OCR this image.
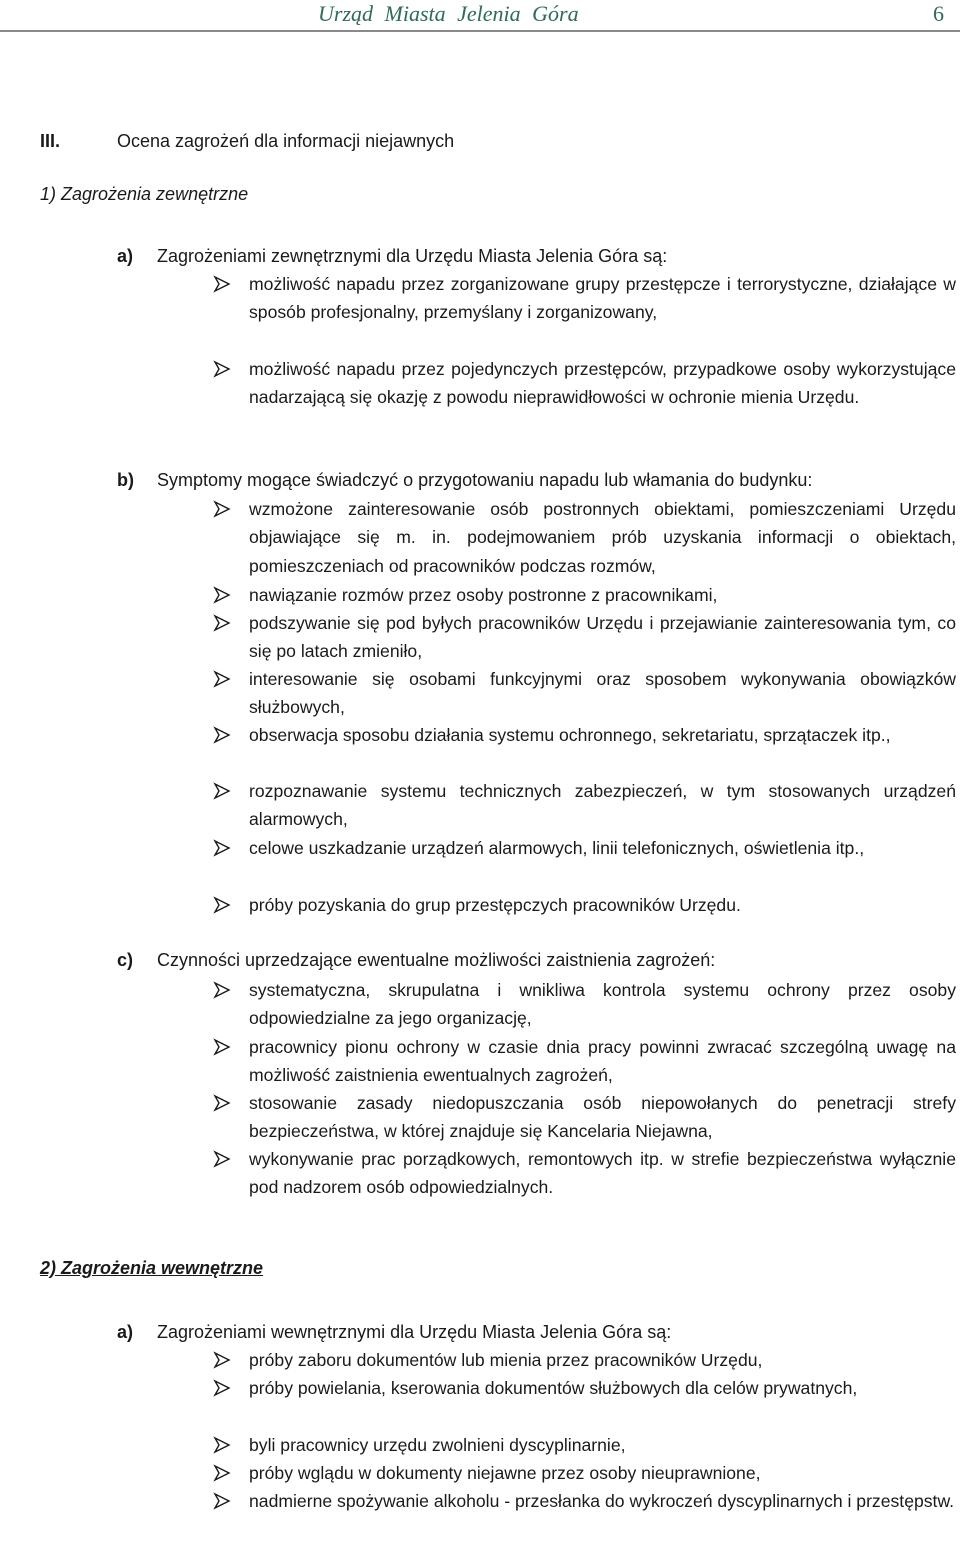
Urząd Miasta Jelenia Góra	6
III.	Ocena zagrożeń dla informacji niejawnych
1) Zagrożenia zewnętrzne
a) Zagrożeniami zewnętrznymi dla Urzędu Miasta Jelenia Góra są:
możliwość napadu przez zorganizowane grupy przestępcze i terrorystyczne, działające w sposób profesjonalny, przemyślany i zorganizowany,
możliwość napadu przez pojedynczych przestępców, przypadkowe osoby wykorzystujące nadarzającą się okazję z powodu nieprawidłowości w ochronie mienia Urzędu.
b) Symptomy mogące świadczyć o przygotowaniu napadu lub włamania do budynku:
wzmożone zainteresowanie osób postronnych obiektami, pomieszczeniami Urzędu objawiające się m. in. podejmowaniem prób uzyskania informacji o obiektach, pomieszczeniach od pracowników podczas rozmów,
nawiązanie rozmów przez osoby postronne z pracownikami,
podszywanie się pod byłych pracowników Urzędu i przejawianie zainteresowania tym, co się po latach zmieniło,
interesowanie się osobami funkcyjnymi oraz sposobem wykonywania obowiązków służbowych,
obserwacja sposobu działania systemu ochronnego, sekretariatu, sprzątaczek itp.,
rozpoznawanie systemu technicznych zabezpieczeń, w tym stosowanych urządzeń alarmowych,
celowe uszkadzanie urządzeń alarmowych, linii telefonicznych, oświetlenia itp.,
próby pozyskania do grup przestępczych pracowników Urzędu.
c) Czynności uprzedzające ewentualne możliwości zaistnienia zagrożeń:
systematyczna, skrupulatna i wnikliwa kontrola systemu ochrony przez osoby odpowiedzialne za jego organizację,
pracownicy pionu ochrony w czasie dnia pracy powinni zwracać szczególną uwagę na możliwość zaistnienia ewentualnych zagrożeń,
stosowanie zasady niedopuszczania osób niepowołanych do penetracji strefy bezpieczeństwa, w której znajduje się Kancelaria Niejawna,
wykonywanie prac porządkowych, remontowych itp. w strefie bezpieczeństwa wyłącznie pod nadzorem osób odpowiedzialnych.
2) Zagrożenia wewnętrzne
a) Zagrożeniami wewnętrznymi dla Urzędu Miasta Jelenia Góra są:
próby zaboru dokumentów lub mienia przez pracowników Urzędu,
próby powielania, kserowania dokumentów służbowych dla celów prywatnych,
byli pracownicy urzędu zwolnieni dyscyplinarnie,
próby wglądu w dokumenty niejawne przez osoby nieuprawnione,
nadmierne spożywanie alkoholu - przesłanka do wykroczeń dyscyplinarnych i przestępstw.
